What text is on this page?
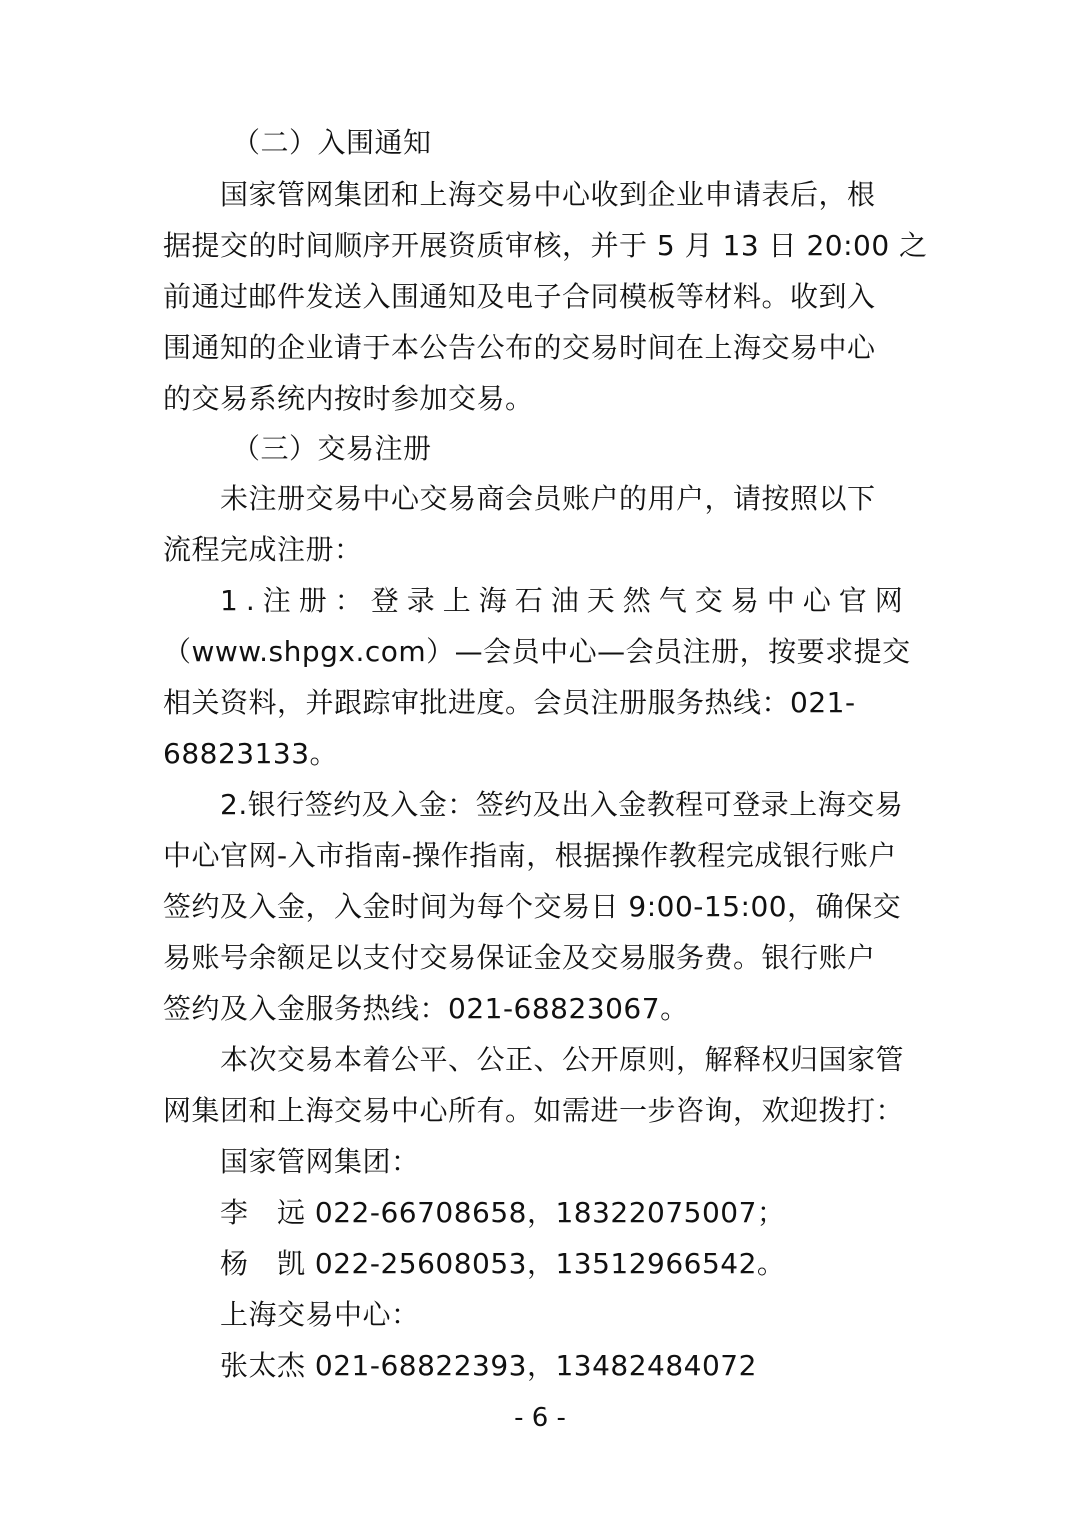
（二）入围通知
国家管网集团和上海交易中心收到企业申请表后，根
据提交的时间顺序开展资质审核，并于 5 月 13 日 20:00 之
前通过邮件发送入围通知及电子合同模板等材料。收到入
围通知的企业请于本公告公布的交易时间在上海交易中心
的交易系统内按时参加交易。
（三）交易注册
未注册交易中心交易商会员账户的用户，请按照以下
流程完成注册：
1.注册：登录上海石油天然气交易中心官网
（www.shpgx.com）—会员中心—会员注册，按要求提交
相关资料，并跟踪审批进度。会员注册服务热线：021-
68823133。
2.银行签约及入金：签约及出入金教程可登录上海交易
中心官网-入市指南-操作指南，根据操作教程完成银行账户
签约及入金，入金时间为每个交易日 9:00-15:00，确保交
易账号余额足以支付交易保证金及交易服务费。银行账户
签约及入金服务热线：021-68823067。
本次交易本着公平、公正、公开原则，解释权归国家管
网集团和上海交易中心所有。如需进一步咨询，欢迎拨打：
国家管网集团：
李　远 022-66708658，18322075007；
杨　凯 022-25608053，13512966542。
上海交易中心：
张太杰 021-68822393，13482484072
- 6 -
